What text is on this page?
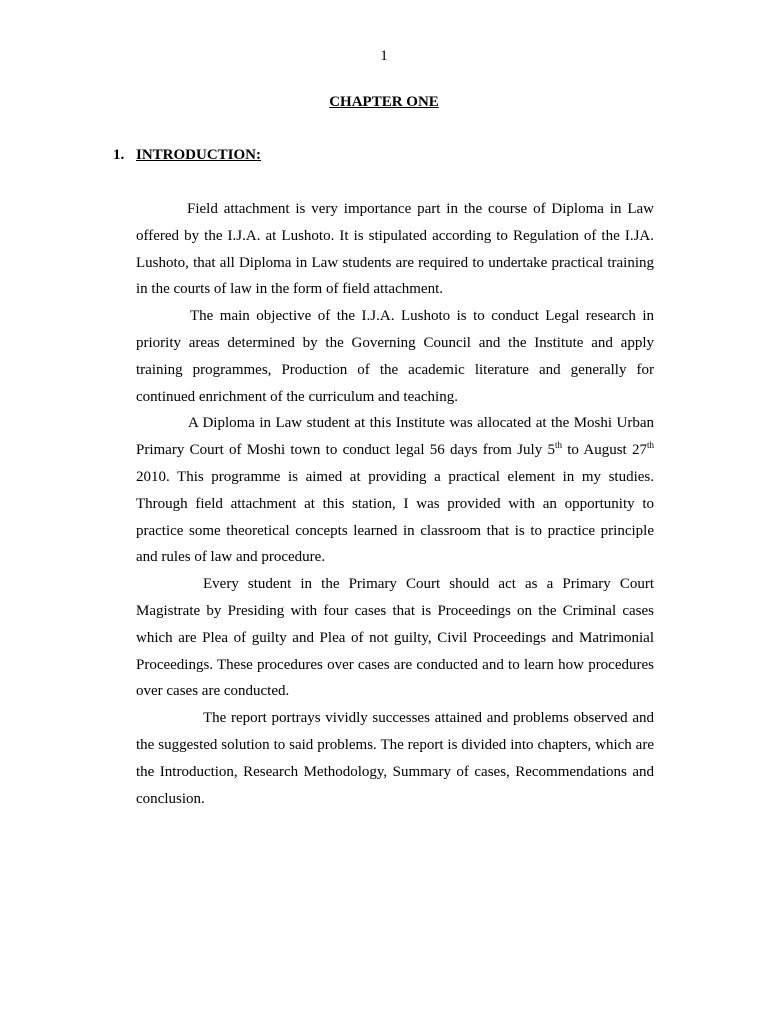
1
CHAPTER ONE
1. INTRODUCTION:

Field attachment is very importance part in the course of Diploma in Law offered by the I.J.A. at Lushoto. It is stipulated according to Regulation of the I.JA. Lushoto, that all Diploma in Law students are required to undertake practical training in the courts of law in the form of field attachment.

The main objective of the I.J.A. Lushoto is to conduct Legal research in priority areas determined by the Governing Council and the Institute and apply training programmes, Production of the academic literature and generally for continued enrichment of the curriculum and teaching.

A Diploma in Law student at this Institute was allocated at the Moshi Urban Primary Court of Moshi town to conduct legal 56 days from July 5th to August 27th 2010. This programme is aimed at providing a practical element in my studies. Through field attachment at this station, I was provided with an opportunity to practice some theoretical concepts learned in classroom that is to practice principle and rules of law and procedure.

Every student in the Primary Court should act as a Primary Court Magistrate by Presiding with four cases that is Proceedings on the Criminal cases which are Plea of guilty and Plea of not guilty, Civil Proceedings and Matrimonial Proceedings. These procedures over cases are conducted and to learn how procedures over cases are conducted.

The report portrays vividly successes attained and problems observed and the suggested solution to said problems. The report is divided into chapters, which are the Introduction, Research Methodology, Summary of cases, Recommendations and conclusion.
